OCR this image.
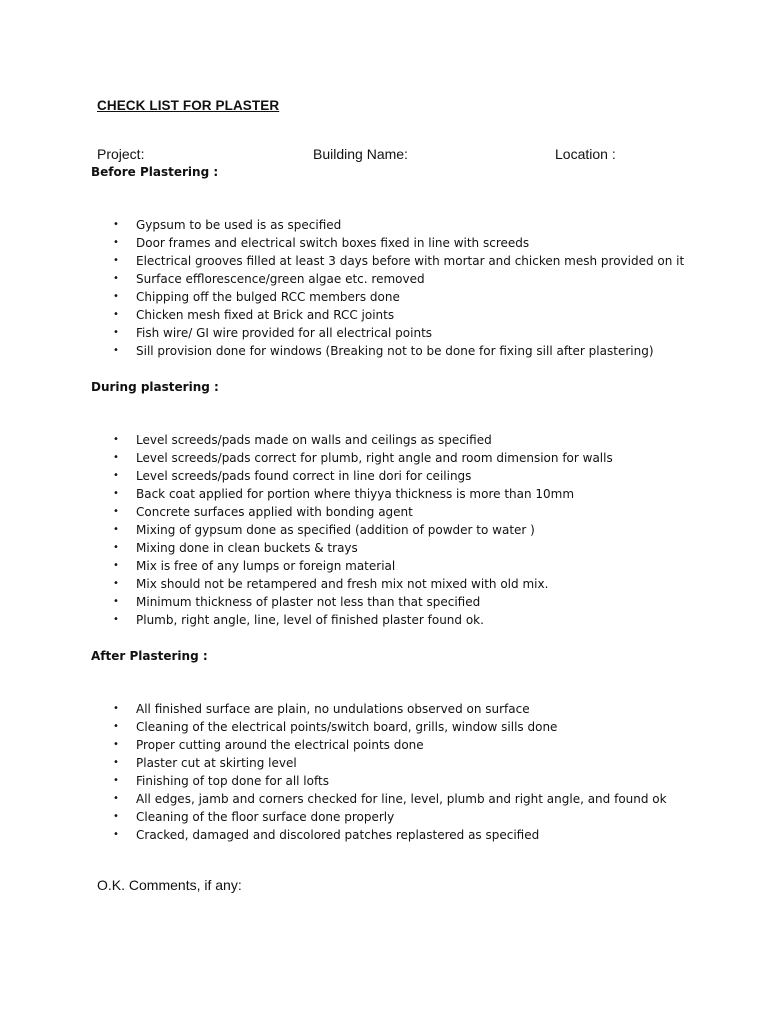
CHECK LIST FOR PLASTER
Project:	Building Name:	Location :
Before Plastering :
• Gypsum to be used is as specified
• Door frames and electrical switch boxes fixed in line with screeds
• Electrical grooves filled at least 3 days before with mortar and chicken mesh provided on it
• Surface efflorescence/green algae etc. removed
• Chipping off the bulged RCC members done
• Chicken mesh fixed at Brick and RCC joints
• Fish wire/ GI wire provided for all electrical points
• Sill provision done for windows (Breaking not to be done for fixing sill after plastering)
During plastering :
• Level screeds/pads made on walls and ceilings as specified
• Level screeds/pads correct for plumb, right angle and room dimension for walls
• Level screeds/pads found correct in line dori for ceilings
• Back coat applied for portion where thiyya thickness is more than 10mm
• Concrete surfaces applied with bonding agent
• Mixing of gypsum done as specified (addition of powder to water )
• Mixing done in clean buckets & trays
• Mix is free of any lumps or foreign material
• Mix should not be retampered and fresh mix not mixed with old mix.
• Minimum thickness of plaster not less than that specified
• Plumb, right angle, line, level of finished plaster found ok.
After Plastering :
• All finished surface are plain, no undulations observed on surface
• Cleaning of the electrical points/switch board, grills, window sills done
• Proper cutting around the electrical points done
• Plaster cut at skirting level
• Finishing of top done for all lofts
• All edges, jamb and corners checked for line, level, plumb and right angle, and found ok
• Cleaning of the floor surface done properly
• Cracked, damaged and discolored patches replastered as specified
O.K. Comments, if any:
